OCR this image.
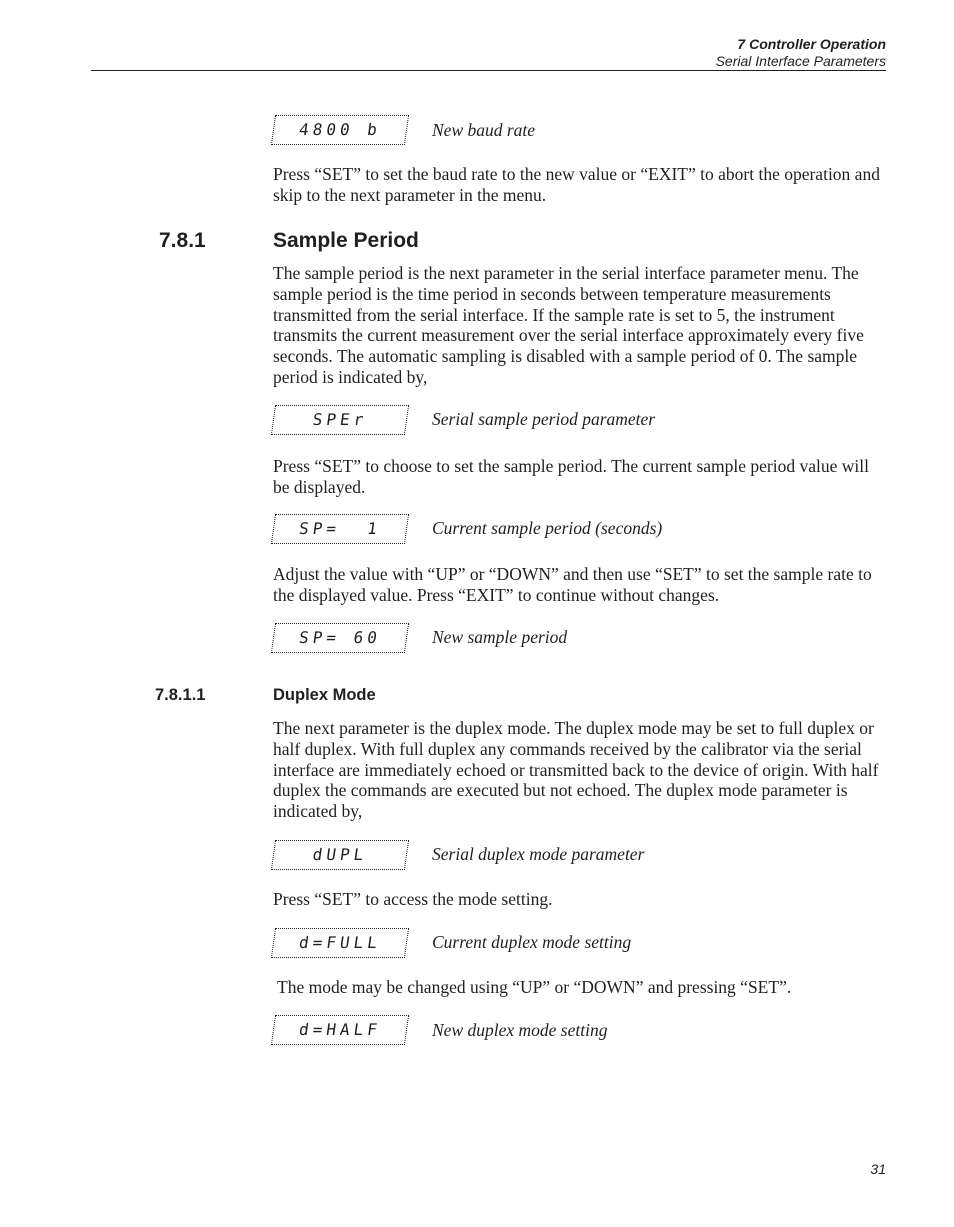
7 Controller Operation
Serial Interface Parameters
4800 b	New baud rate

Press “SET” to set the baud rate to the new value or “EXIT” to abort the operation and skip to the next parameter in the menu.

7.8.1	Sample Period

The sample period is the next parameter in the serial interface parameter menu. The sample period is the time period in seconds between temperature measurements transmitted from the serial interface. If the sample rate is set to 5, the instrument transmits the current measurement over the serial interface approximately every five seconds. The automatic sampling is disabled with a sample period of 0. The sample period is indicated by,

SPEr	Serial sample period parameter

Press “SET” to choose to set the sample period. The current sample period value will be displayed.

SP=  1	Current sample period (seconds)

Adjust the value with “UP” or “DOWN” and then use “SET” to set the sample rate to the displayed value. Press “EXIT” to continue without changes.

SP= 60	New sample period
7.8.1.1	Duplex Mode

The next parameter is the duplex mode. The duplex mode may be set to full duplex or half duplex. With full duplex any commands received by the calibrator via the serial interface are immediately echoed or transmitted back to the device of origin. With half duplex the commands are executed but not echoed. The duplex mode parameter is indicated by,

dUPL	Serial duplex mode parameter

Press “SET” to access the mode setting.

d=FULL	Current duplex mode setting

The mode may be changed using “UP” or “DOWN” and pressing “SET”.

d=HALF	New duplex mode setting
31
